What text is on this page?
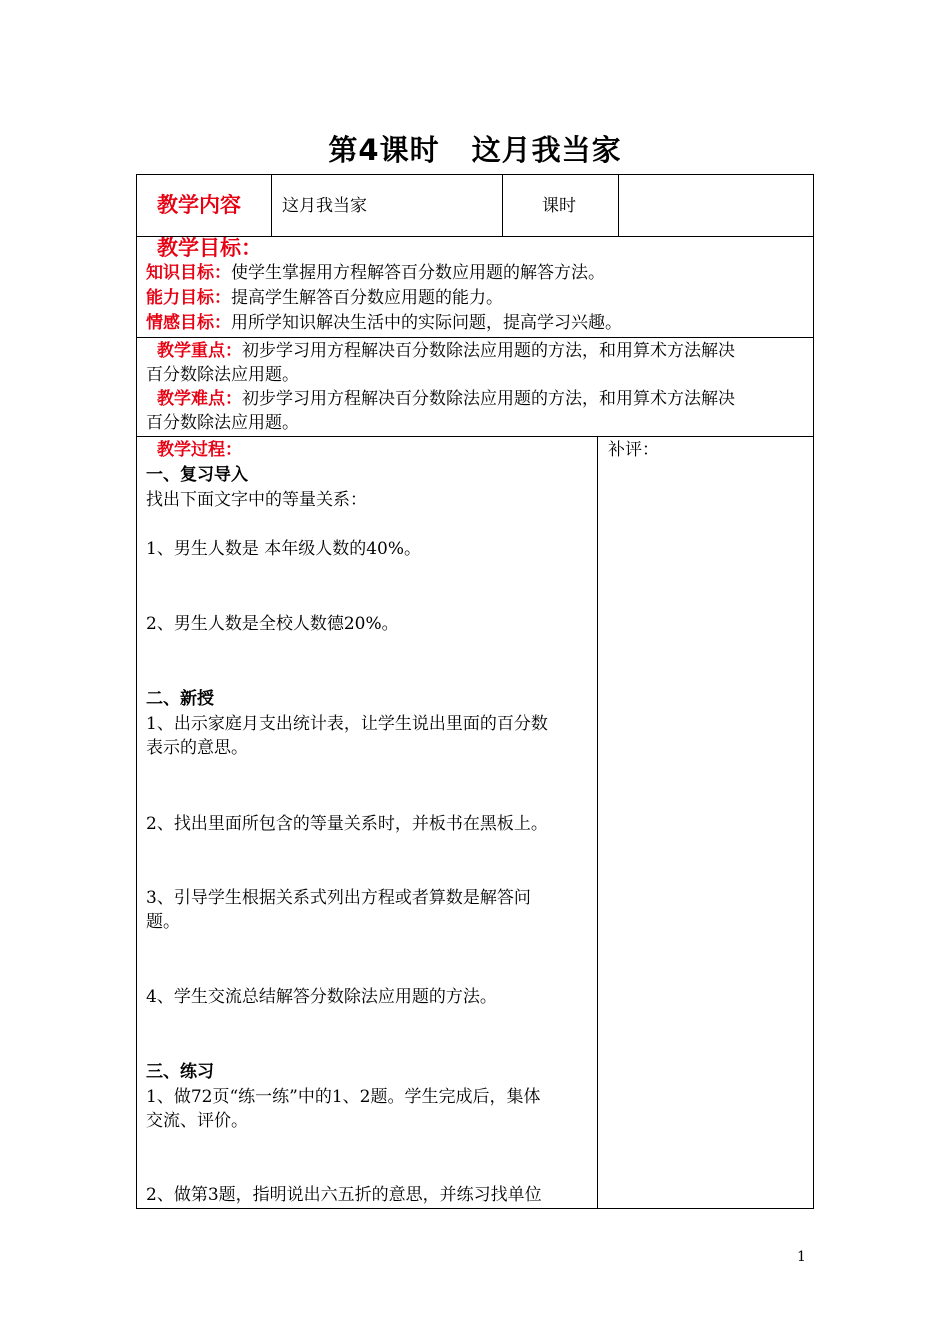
第4课时 这月我当家
教学内容 这月我当家	课时
教学目标：
知识目标：使学生掌握用方程解答百分数应用题的解答方法。
能力目标：提高学生解答百分数应用题的能力。
情感目标：用所学知识解决生活中的实际问题，提高学习兴趣。
教学重点：初步学习用方程解决百分数除法应用题的方法，和用算术方法解决
百分数除法应用题。
教学难点：初步学习用方程解决百分数除法应用题的方法，和用算术方法解决
百分数除法应用题。
教学过程：	补评：
一、复习导入
找出下面文字中的等量关系：
1、男生人数是 本年级人数的40%。
2、男生人数是全校人数德20%。
二、新授
1、出示家庭月支出统计表，让学生说出里面的百分数
表示的意思。
2、找出里面所包含的等量关系时，并板书在黑板上。
3、引导学生根据关系式列出方程或者算数是解答问
题。
4、学生交流总结解答分数除法应用题的方法。
三、练习
1、做72页“练一练”中的1、2题。学生完成后，集体
交流、评价。
2、做第3题，指明说出六五折的意思，并练习找单位
1
